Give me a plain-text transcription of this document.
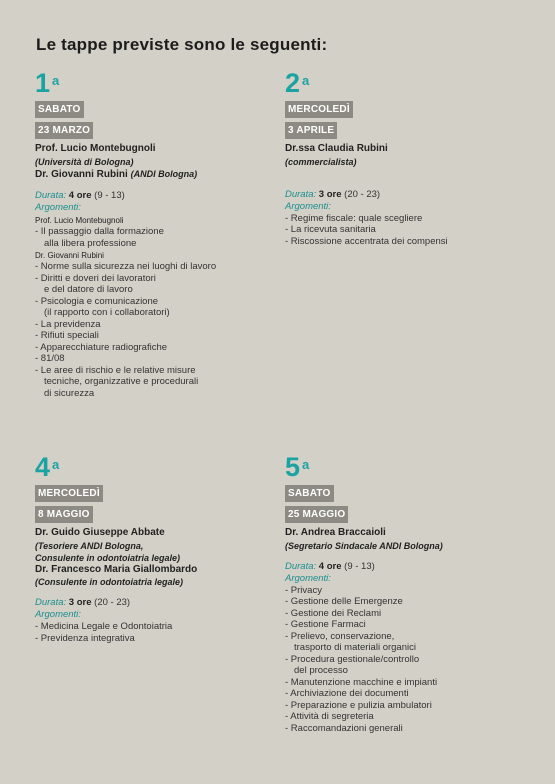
Le tappe previste sono le seguenti:
1 $^a$
SABATO
23 MARZO
Prof. Lucio Montebugnoli
(Università di Bologna)
Dr. Giovanni Rubini (ANDI Bologna)
Durata: 4 ore (9 - 13)
Argomenti:
Prof. Lucio Montebugnoli
- Il passaggio dalla formazione
alla libera professione
Dr. Giovanni Rubini
- Norme sulla sicurezza nei luoghi di lavoro
- Diritti e doveri dei lavoratori
e del datore di lavoro
- Psicologia e comunicazione
(il rapporto con i collaboratori)
- La previdenza
- Rifiuti speciali
- Apparecchiature radiografiche
- 81/08
- Le aree di rischio e le relative misure
tecniche, organizzative e procedurali
di sicurezza
2 $^a$
MERCOLEDÌ
3 APRILE
Dr.ssa Claudia Rubini
(commercialista)
Durata: 3 ore (20 - 23)
Argomenti:
- Regime fiscale: quale scegliere
- La ricevuta sanitaria
- Riscossione accentrata dei compensi
4 $^a$
MERCOLEDÌ
8 MAGGIO
Dr. Guido Giuseppe Abbate
(Tesoriere ANDI Bologna,
Consulente in odontoiatria legale)
Dr. Francesco Maria Giallombardo
(Consulente in odontoiatria legale)
Durata: 3 ore (20 - 23)
Argomenti:
- Medicina Legale e Odontoiatria
- Previdenza integrativa
5 $^a$
SABATO
25 MAGGIO
Dr. Andrea Braccaioli
(Segretario Sindacale ANDI Bologna)
Durata: 4 ore (9 - 13)
Argomenti:
- Privacy
- Gestione delle Emergenze
- Gestione dei Reclami
- Gestione Farmaci
- Prelievo, conservazione,
trasporto di materiali organici
- Procedura gestionale/controllo
del processo
- Manutenzione macchine e impianti
- Archiviazione dei documenti
- Preparazione e pulizia ambulatori
- Attività di segreteria
- Raccomandazioni generali
